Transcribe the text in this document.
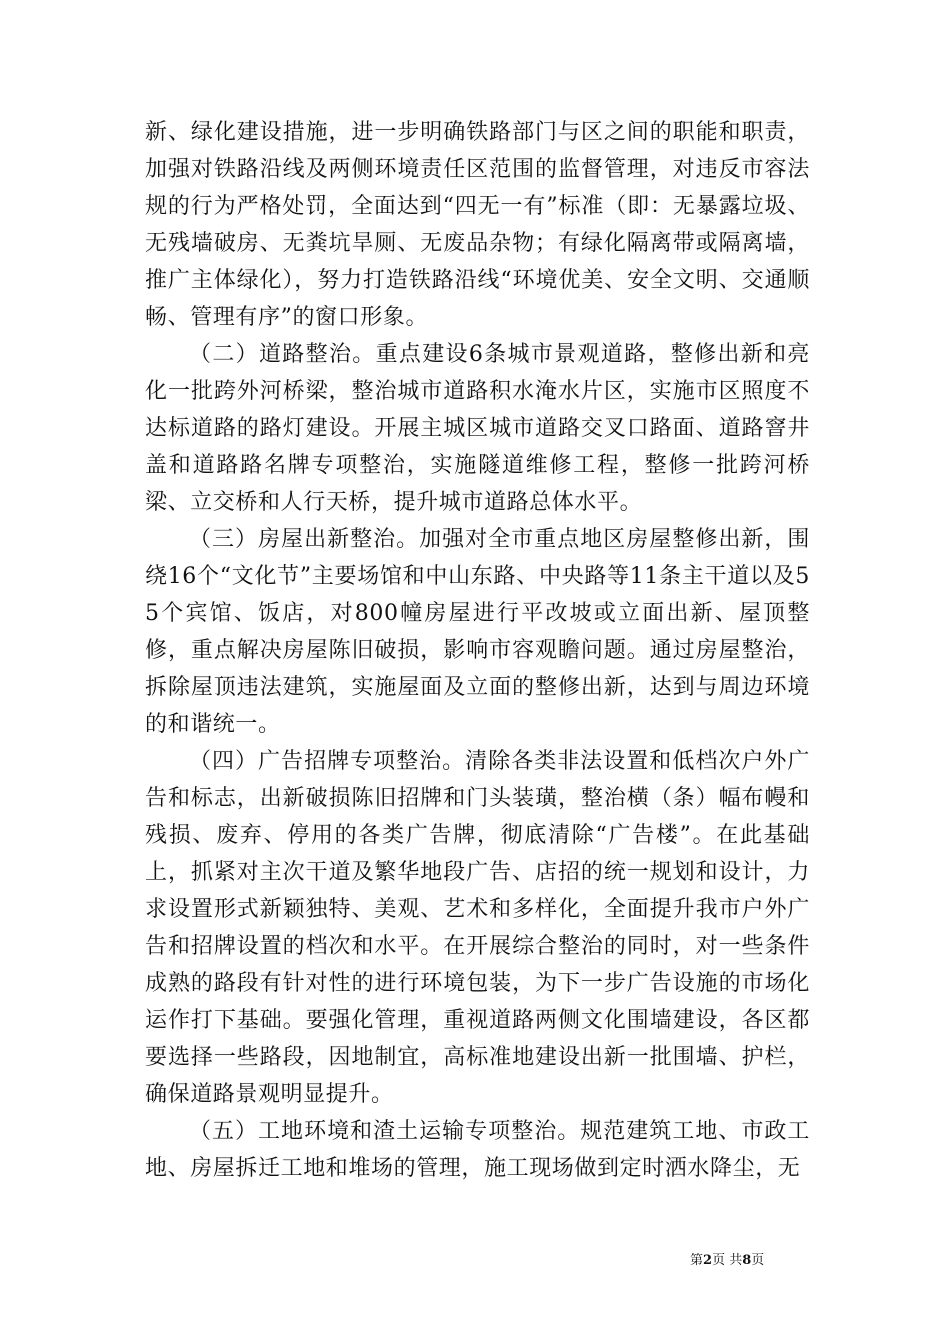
新、绿化建设措施，进一步明确铁路部门与区之间的职能和职责，加强对铁路沿线及两侧环境责任区范围的监督管理，对违反市容法规的行为严格处罚，全面达到“四无一有”标准（即：无暴露垃圾、无残墙破房、无粪坑旱厕、无废品杂物；有绿化隔离带或隔离墙，推广主体绿化），努力打造铁路沿线“环境优美、安全文明、交通顺畅、管理有序”的窗口形象。

（二）道路整治。重点建设6条城市景观道路，整修出新和亮化一批跨外河桥梁，整治城市道路积水淹水片区，实施市区照度不达标道路的路灯建设。开展主城区城市道路交叉口路面、道路窨井盖和道路路名牌专项整治，实施隧道维修工程，整修一批跨河桥梁、立交桥和人行天桥，提升城市道路总体水平。

（三）房屋出新整治。加强对全市重点地区房屋整修出新，围绕16个“文化节”主要场馆和中山东路、中央路等11条主干道以及55个宾馆、饭店，对800幢房屋进行平改坡或立面出新、屋顶整修，重点解决房屋陈旧破损，影响市容观瞻问题。通过房屋整治，拆除屋顶违法建筑，实施屋面及立面的整修出新，达到与周边环境的和谐统一。

（四）广告招牌专项整治。清除各类非法设置和低档次户外广告和标志，出新破损陈旧招牌和门头装璜，整治横（条）幅布幔和残损、废弃、停用的各类广告牌，彻底清除“广告楼”。在此基础上，抓紧对主次干道及繁华地段广告、店招的统一规划和设计，力求设置形式新颖独特、美观、艺术和多样化，全面提升我市户外广告和招牌设置的档次和水平。在开展综合整治的同时，对一些条件成熟的路段有针对性的进行环境包装，为下一步广告设施的市场化运作打下基础。要强化管理，重视道路两侧文化围墙建设，各区都要选择一些路段，因地制宜，高标准地建设出新一批围墙、护栏，确保道路景观明显提升。

（五）工地环境和渣土运输专项整治。规范建筑工地、市政工地、房屋拆迁工地和堆场的管理，施工现场做到定时洒水降尘，无

第2页 共8页
